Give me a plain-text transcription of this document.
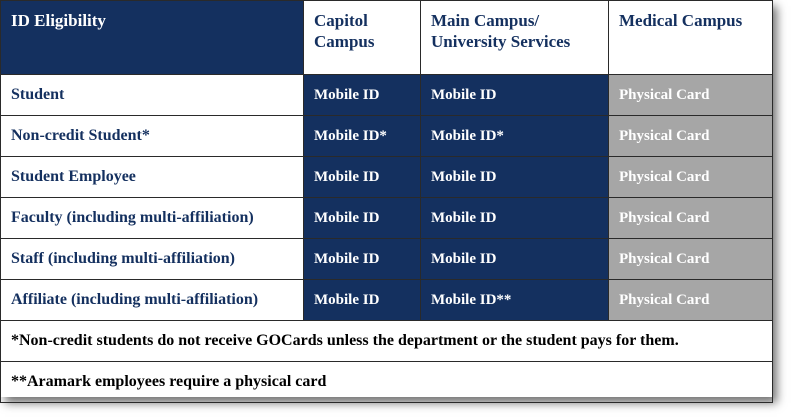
ID Eligibility	Capitol Campus	Main Campus/ University Services	Medical Campus
Student	Mobile ID	Mobile ID	Physical Card
Non-credit Student*	Mobile ID*	Mobile ID*	Physical Card
Student Employee	Mobile ID	Mobile ID	Physical Card
Faculty (including multi-affiliation)	Mobile ID	Mobile ID	Physical Card
Staff (including multi-affiliation)	Mobile ID	Mobile ID	Physical Card
Affiliate (including multi-affiliation)	Mobile ID	Mobile ID**	Physical Card
*Non-credit students do not receive GOCards unless the department or the student pays for them.			
**Aramark employees require a physical card			
